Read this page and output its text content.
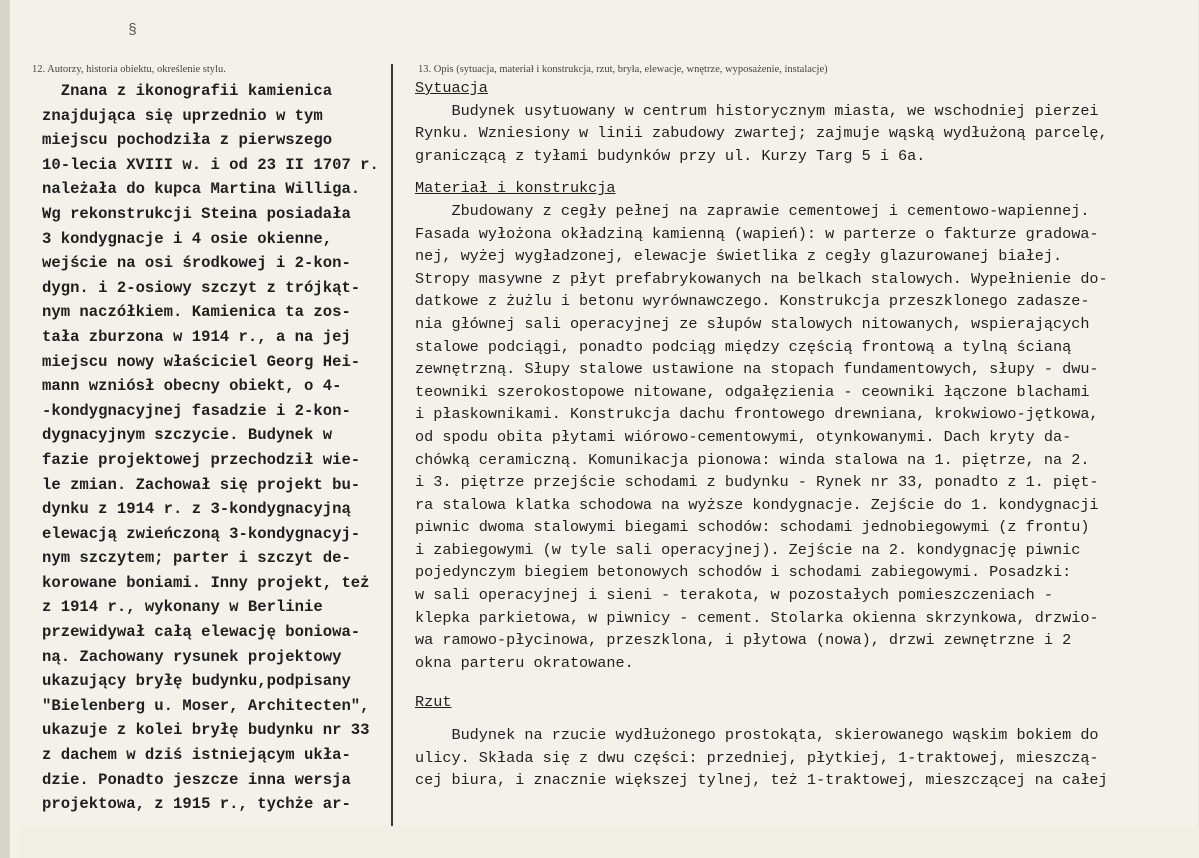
§
12. Autorzy, historia obiektu, określenie stylu.	13. Opis (sytuacja, materiał i konstrukcja, rzut, bryła, elewacje, wnętrze, wyposażenie, instalacje)
Znana z ikonografii kamienica
znajdująca się uprzednio w tym
miejscu pochodziła z pierwszego
10-lecia XVIII w. i od 23 II 1707 r.
należała do kupca Martina Williga.
Wg rekonstrukcji Steina posiadała
3 kondygnacje i 4 osie okienne,
wejście na osi środkowej i 2-kon-
dygn. i 2-osiowy szczyt z trójkąt-
nym naczółkiem. Kamienica ta zos-
tała zburzona w 1914 r., a na jej
miejscu nowy właściciel Georg Hei-
mann wzniósł obecny obiekt, o 4-
-kondygnacyjnej fasadzie i 2-kon-
dygnacyjnym szczycie. Budynek w
fazie projektowej przechodził wie-
le zmian. Zachował się projekt bu-
dynku z 1914 r. z 3-kondygnacyjną
elewacją zwieńczoną 3-kondygnacyj-
nym szczytem; parter i szczyt de-
korowane boniami. Inny projekt, też
z 1914 r., wykonany w Berlinie
przewidywał całą elewację boniowa-
ną. Zachowany rysunek projektowy
ukazujący bryłę budynku,podpisany
"Bielenberg u. Moser, Architecten",
ukazuje z kolei bryłę budynku nr 33
z dachem w dziś istniejącym ukła-
dzie. Ponadto jeszcze inna wersja
projektowa, z 1915 r., tychże ar-
Sytuacja
Budynek usytuowany w centrum historycznym miasta, we wschodniej pierzei
Rynku. Wzniesiony w linii zabudowy zwartej; zajmuje wąską wydłużoną parcelę,
graniczącą z tyłami budynków przy ul. Kurzy Targ 5 i 6a.
Materiał i konstrukcja
Zbudowany z cegły pełnej na zaprawie cementowej i cementowo-wapiennej.
Fasada wyłożona okładziną kamienną (wapień): w parterze o fakturze gradowa-
nej, wyżej wygładzonej, elewacje świetlika z cegły glazurowanej białej.
Stropy masywne z płyt prefabrykowanych na belkach stalowych. Wypełnienie do-
datkowe z żużlu i betonu wyrównawczego. Konstrukcja przeszklonego zadasze-
nia głównej sali operacyjnej ze słupów stalowych nitowanych, wspierających
stalowe podciągi, ponadto podciąg między częścią frontową a tylną ścianą
zewnętrzną. Słupy stalowe ustawione na stopach fundamentowych, słupy - dwu-
teowniki szerokostopowe nitowane, odgałęzienia - ceowniki łączone blachami
i płaskownikami. Konstrukcja dachu frontowego drewniana, krokwiowo-jętkowa,
od spodu obita płytami wiórowo-cementowymi, otynkowanymi. Dach kryty da-
chówką ceramiczną. Komunikacja pionowa: winda stalowa na 1. piętrze, na 2.
i 3. piętrze przejście schodami z budynku - Rynek nr 33, ponadto z 1. pięt-
ra stalowa klatka schodowa na wyższe kondygnacje. Zejście do 1. kondygnacji
piwnic dwoma stalowymi biegami schodów: schodami jednobiegowymi (z frontu)
i zabiegowymi (w tyle sali operacyjnej). Zejście na 2. kondygnację piwnic
pojedynczym biegiem betonowych schodów i schodami zabiegowymi. Posadzki:
w sali operacyjnej i sieni - terakota, w pozostałych pomieszczeniach -
klepka parkietowa, w piwnicy - cement. Stolarka okienna skrzynkowa, drzwio-
wa ramowo-płycinowa, przeszklona, i płytowa (nowa), drzwi zewnętrzne i 2
okna parteru okratowane.
Rzut
Budynek na rzucie wydłużonego prostokąta, skierowanego wąskim bokiem do
ulicy. Składa się z dwu części: przedniej, płytkiej, 1-traktowej, mieszczą-
cej biura, i znacznie większej tylnej, też 1-traktowej, mieszczącej na całej
